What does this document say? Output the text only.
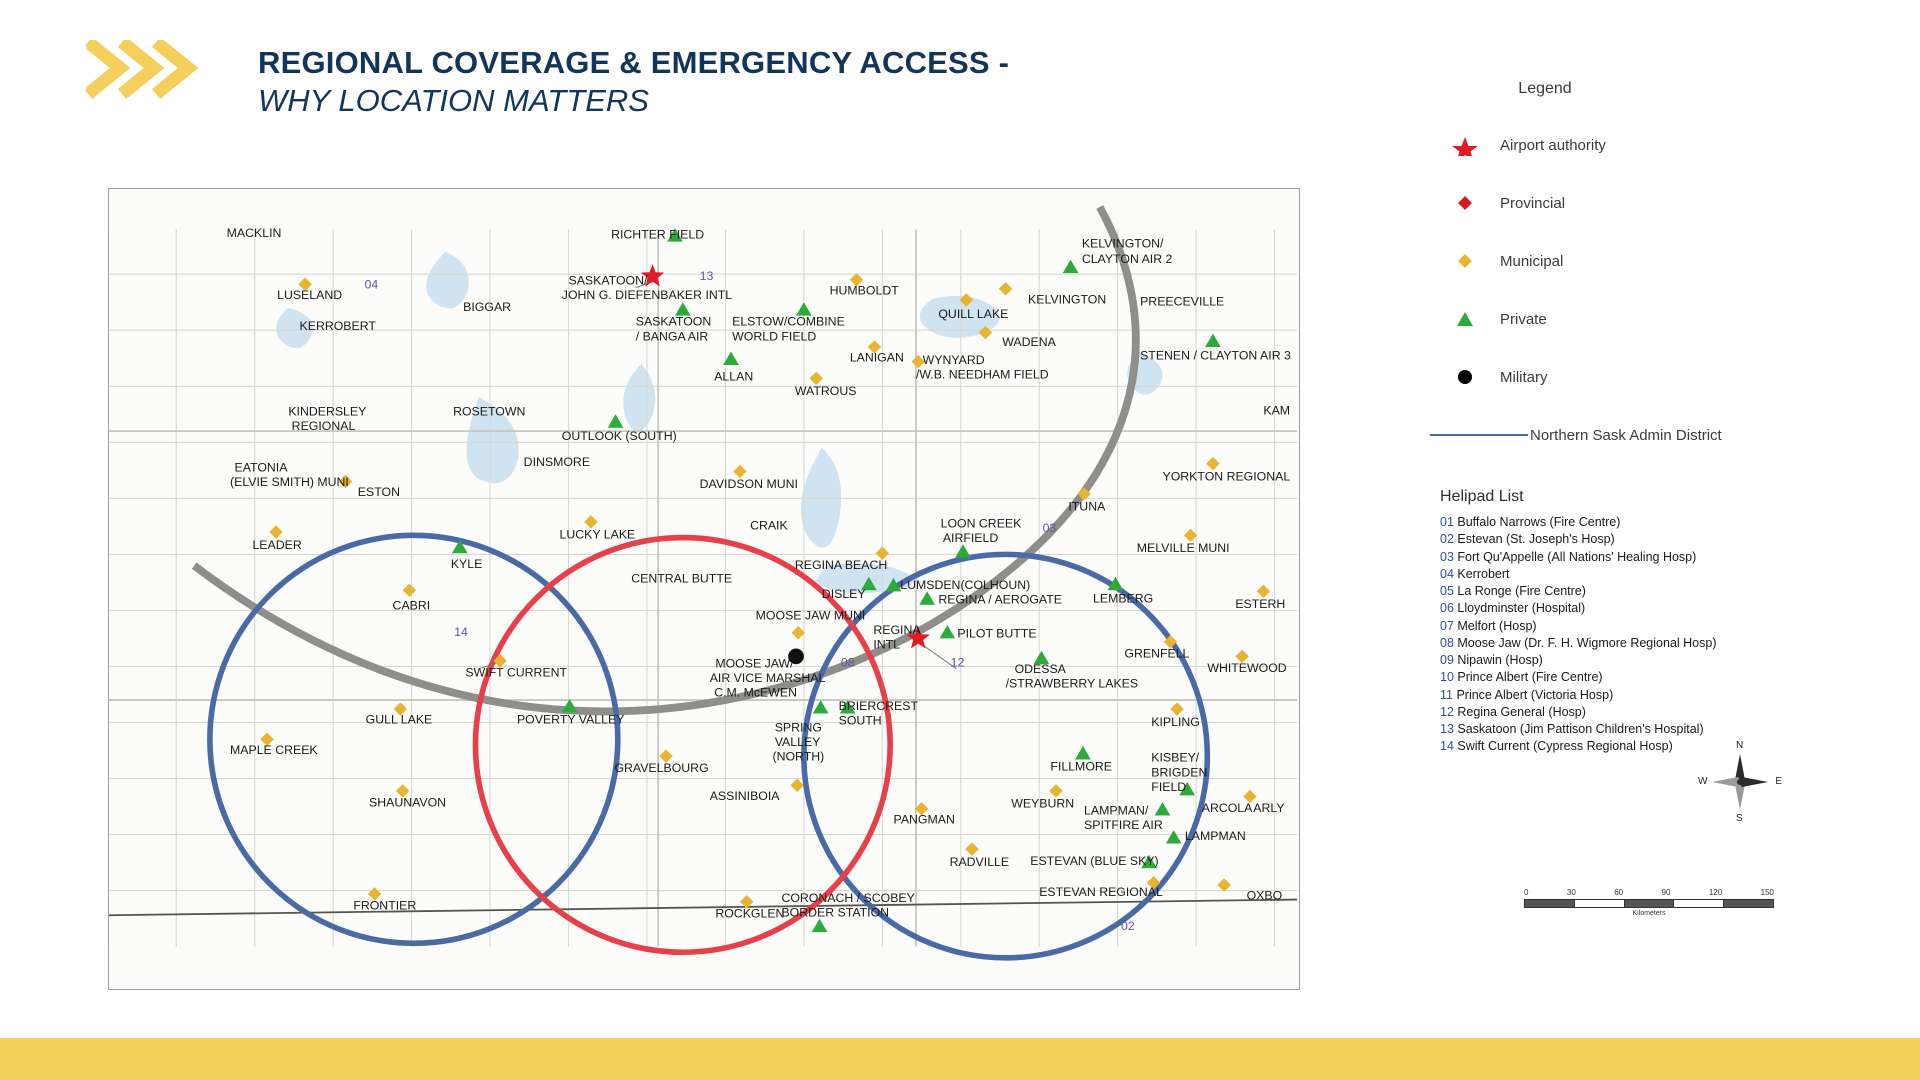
REGIONAL COVERAGE & EMERGENCY ACCESS -
WHY LOCATION MATTERS
MACKLIN	RICHTER FIELD
KELVINGTON/
CLAYTON AIR 2
LUSELAND
SASKATOON/
JOHN G. DIEFENBAKER INTL	HUMBOLDT
KELVINGTON	PREECEVILLE
BIGGAR
KERROBERT	SASKATOON
/ BANGA AIR
ELSTOW/COMBINE
WORLD FIELD
QUILL LAKE
WADENA
STENEN / CLAYTON AIR 3
LANIGAN WYNYARD
/W.B. NEEDHAM FIELD
ALLAN
WATROUS
KAM
KINDERSLEY
REGIONAL
ROSETOWN
OUTLOOK (SOUTH)
DINSMORE
EATONIA
(ELVIE SMITH) MUNI
ESTON
DAVIDSON MUNI
YORKTON REGIONAL
ITUNA
CRAIK
LEADER
LUCKY LAKE
LOON CREEK
AIRFIELD
MELVILLE MUNI
KYLE
CENTRAL BUTTE
REGINA BEACH
CABRI
DISLEY
LUMSDEN(COLHOUN)
REGINA / AEROGATE	LEMBERG	ESTERH
MOOSE JAW MUNI
REGINA
INTL
PILOT BUTTE
SWIFT CURRENT
MOOSE JAW/
AIR VICE MARSHAL
C.M. McEWEN
GRENFELL
ODESSA
/STRAWBERRY LAKES
WHITEWOOD
GULL LAKE	POVERTY VALLEY
BRIERCREST
SOUTH
SPRING
VALLEY
(NORTH)
KIPLING
MAPLE CREEK
GRAVELBOURG	FILLMORE
KISBEY/
BRIGDEN
FIELD
SHAUNAVON	ASSINIBOIA
WEYBURN LAMPMAN/
SPITFIRE AIR
ARCOLA ARLY
PANGMAN
LAMPMAN
RADVILLE ESTEVAN (BLUE SKY)
ESTEVAN REGIONAL
FRONTIER
CORONACH / SCOBEY
BORDER STATION
ROCKGLEN
OXBO
04
13
03
14
08	12
02
Legend
Airport authority
Provincial
Municipal
Private
Military
Northern Sask Admin District
Helipad List
01 Buffalo Narrows (Fire Centre)
02 Estevan (St. Joseph's Hosp)
03 Fort Qu'Appelle (All Nations' Healing Hosp)
04 Kerrobert
05 La Ronge (Fire Centre)
06 Lloydminster (Hospital)
07 Melfort (Hosp)
08 Moose Jaw (Dr. F. H. Wigmore Regional Hosp)
09 Nipawin (Hosp)
10 Prince Albert (Fire Centre)
11 Prince Albert (Victoria Hosp)
12 Regina General (Hosp)
13 Saskatoon (Jim Pattison Children's Hospital)
14 Swift Current (Cypress Regional Hosp)	N
S
E
W
0	30	60	90	120	150
Kilometers
